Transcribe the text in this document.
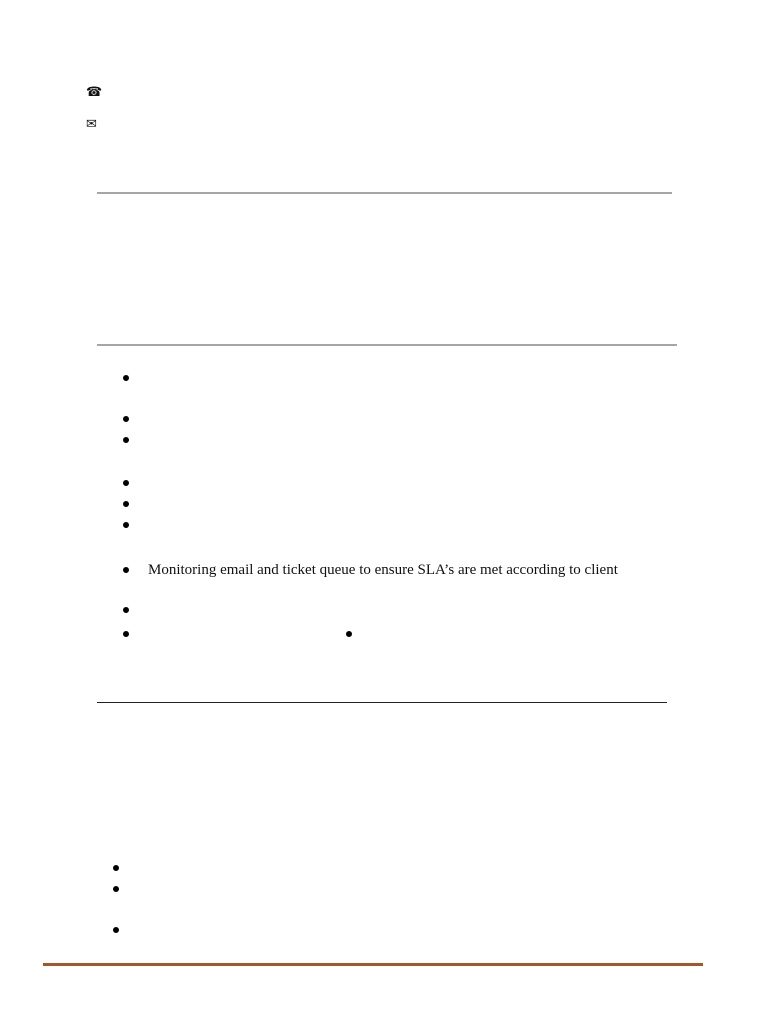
☎
✉
Monitoring email and ticket queue to ensure SLA’s are met according to client
